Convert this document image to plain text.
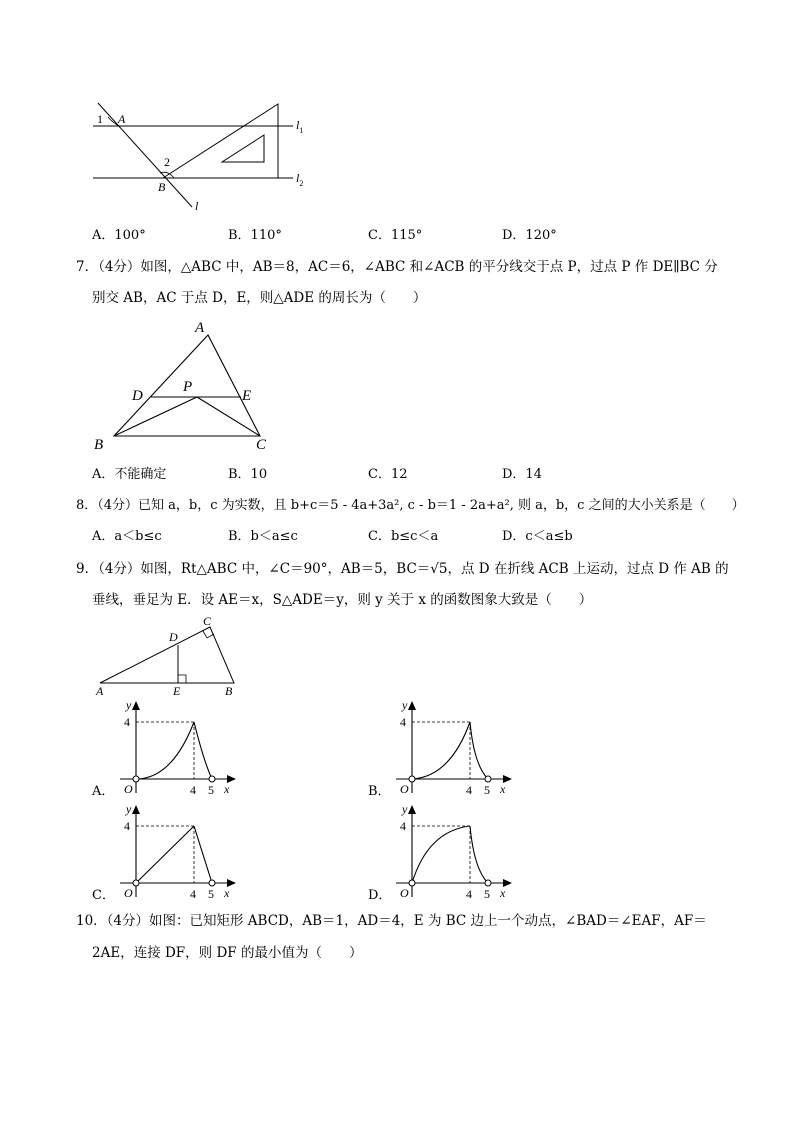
1 A
2
B
$l_1$
$l_2$
l
A．100°	B．110°	C．115°	D．120°
7．（4分）如图，△ABC 中，AB＝8，AC＝6，∠ABC 和∠ACB 的平分线交于点 P，过点 P 作 DE∥BC 分
别交 AB，AC 于点 D，E，则△ADE 的周长为（　　）
A
D
P
E
B	C
A．不能确定	B．10	C．12	D．14
8．（4分）已知 a，b，c 为实数，且 b+c＝5 - 4a+3a², c - b＝1 - 2a+a², 则 a，b，c 之间的大小关系是（　　）
A．a＜b≤c	B．b＜a≤c	C．b≤c＜a	D．c＜a≤b
9．（4分）如图，Rt△ABC 中，∠C＝90°，AB＝5，BC＝√5，点 D 在折线 ACB 上运动，过点 D 作 AB 的
垂线，垂足为 E．设 AE＝x，S△ADE＝y，则 y 关于 x 的函数图象大致是（　　）
C
D
A	E	B
A．	B．
C．	D．
y
4
O	4 5 x
y
4
O	4 5 x
y
4
O	4 5 x
y
4
O	4 5 x
10．（4分）如图：已知矩形 ABCD，AB＝1，AD＝4，E 为 BC 边上一个动点，∠BAD＝∠EAF，AF＝
2AE，连接 DF，则 DF 的最小值为（　　）
